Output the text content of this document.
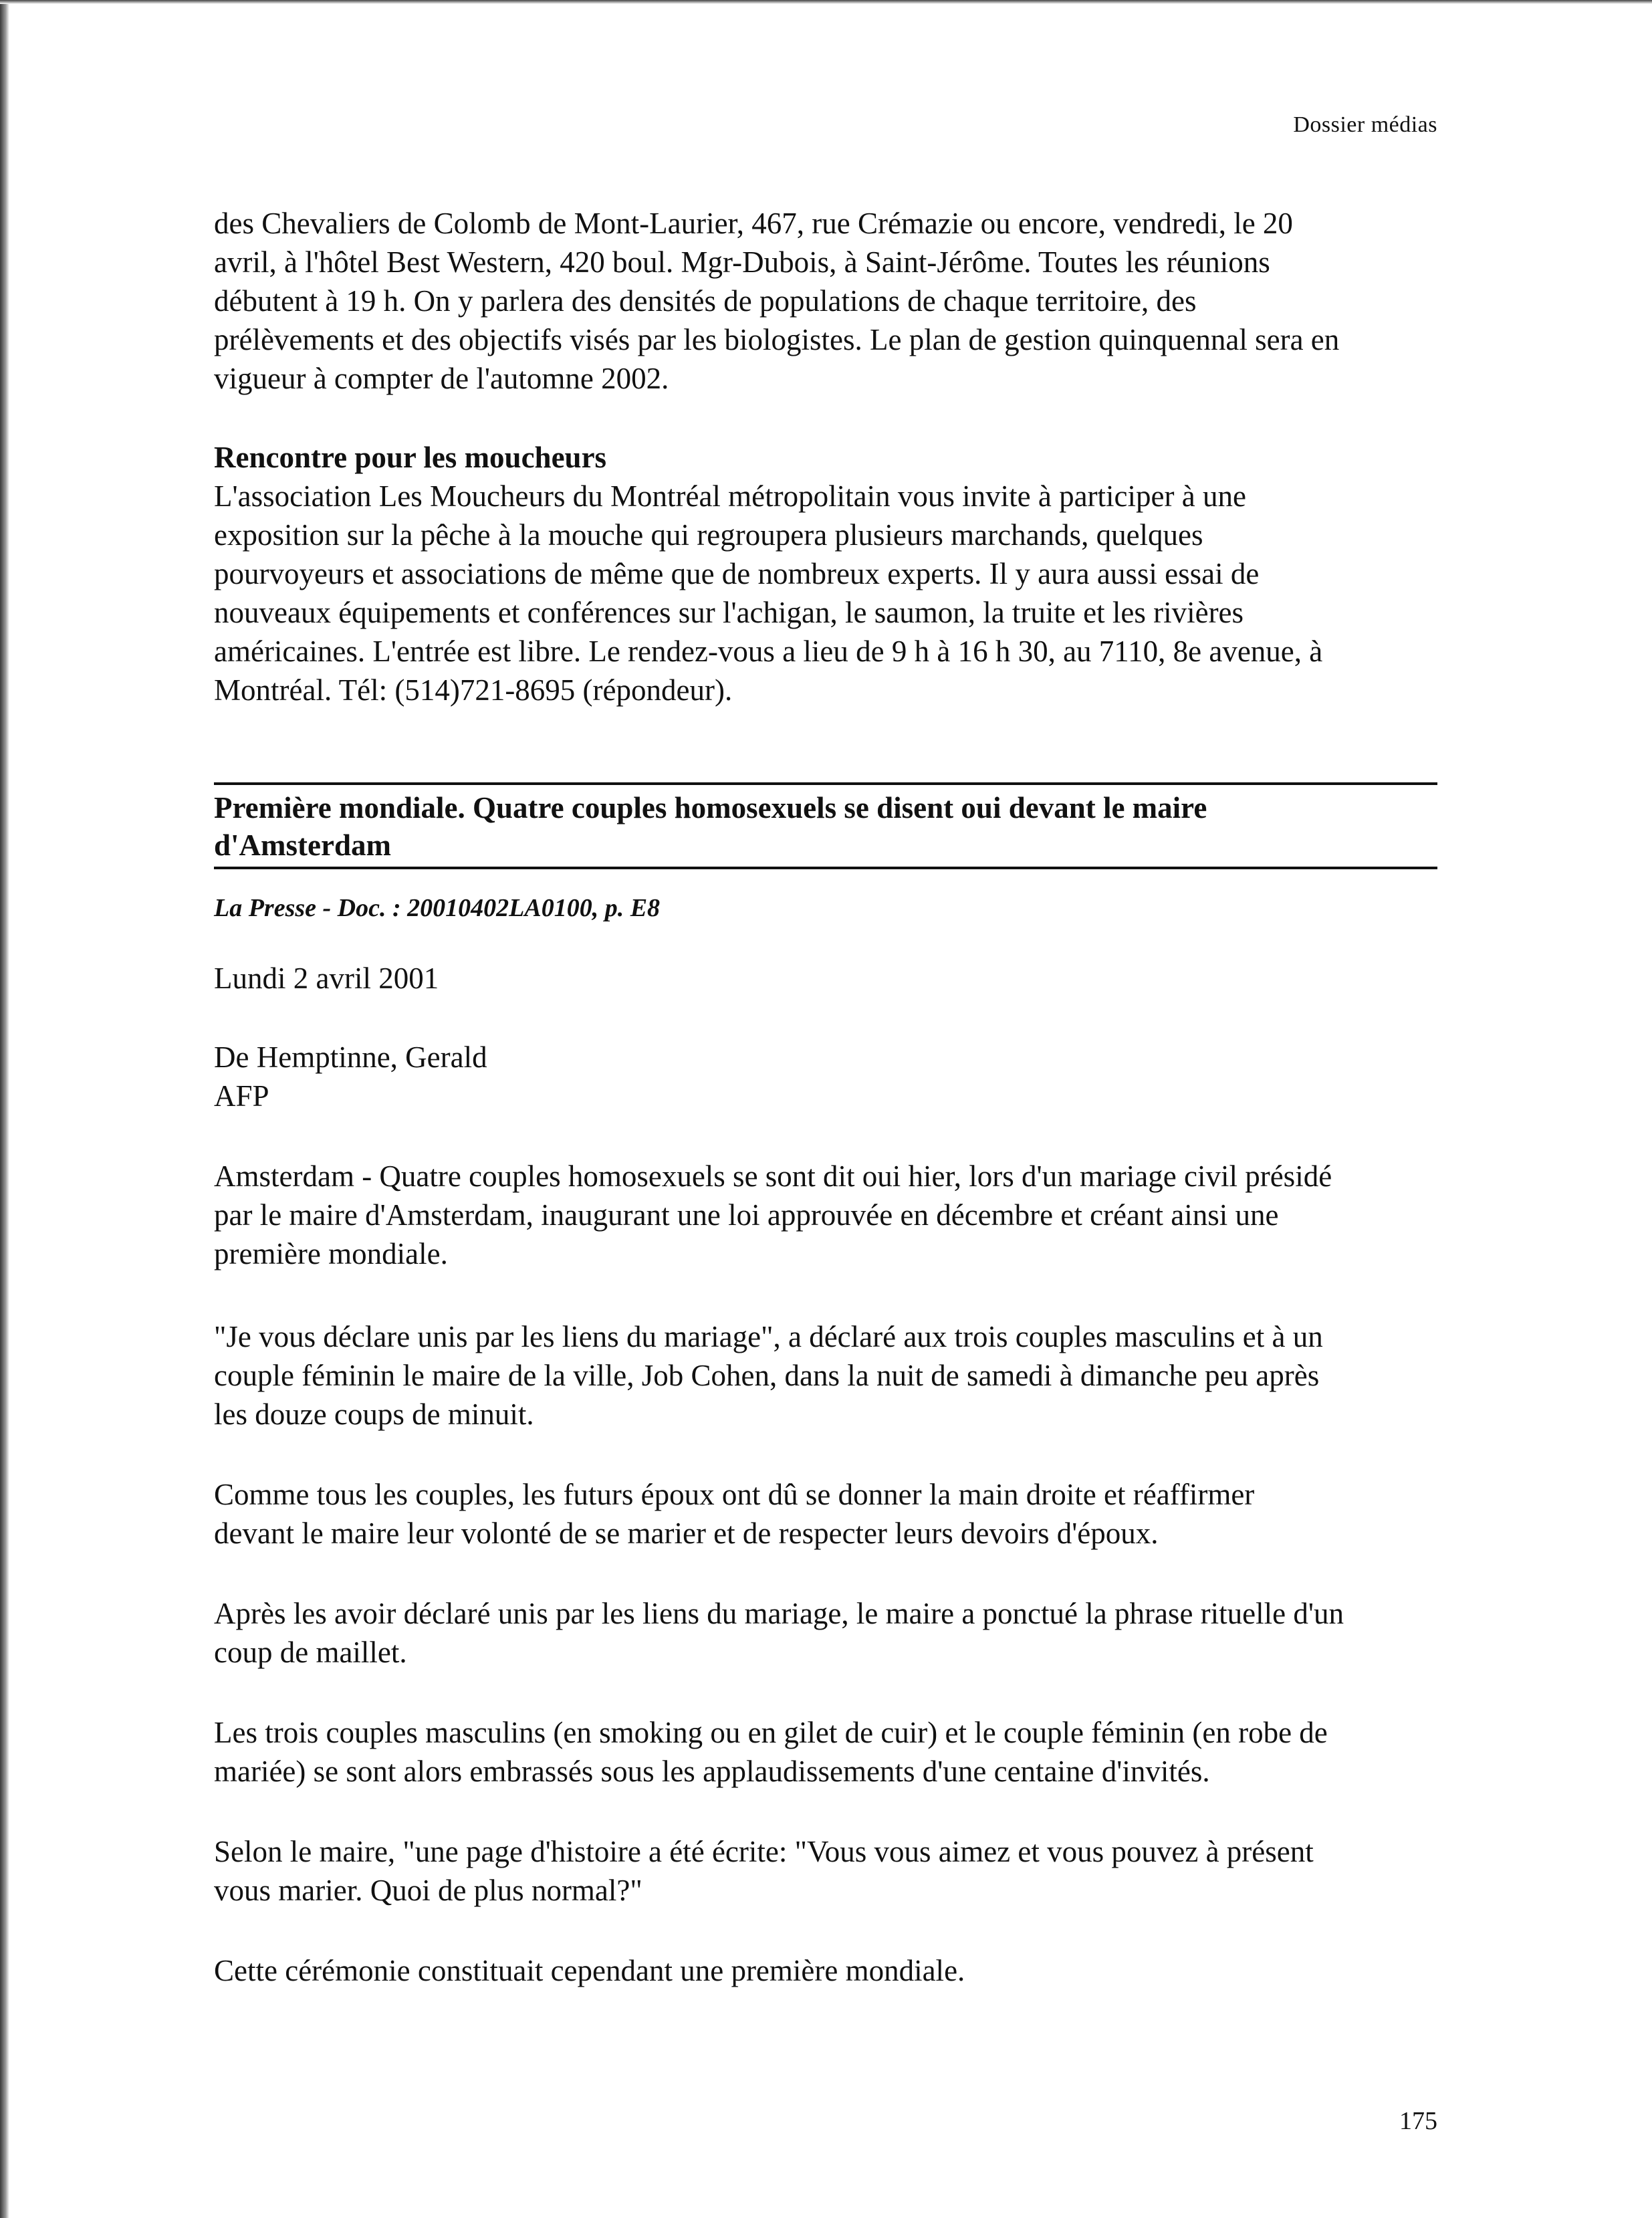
Dossier médias

des Chevaliers de Colomb de Mont-Laurier, 467, rue Crémazie ou encore, vendredi, le 20
avril, à l'hôtel Best Western, 420 boul. Mgr-Dubois, à Saint-Jérôme. Toutes les réunions
débutent à 19 h. On y parlera des densités de populations de chaque territoire, des
prélèvements et des objectifs visés par les biologistes. Le plan de gestion quinquennal sera en
vigueur à compter de l'automne 2002.

Rencontre pour les moucheurs
L'association Les Moucheurs du Montréal métropolitain vous invite à participer à une
exposition sur la pêche à la mouche qui regroupera plusieurs marchands, quelques
pourvoyeurs et associations de même que de nombreux experts. Il y aura aussi essai de
nouveaux équipements et conférences sur l'achigan, le saumon, la truite et les rivières
américaines. L'entrée est libre. Le rendez-vous a lieu de 9 h à 16 h 30, au 7110, 8e avenue, à
Montréal. Tél: (514)721-8695 (répondeur).

Première mondiale. Quatre couples homosexuels se disent oui devant le maire
d'Amsterdam
La Presse - Doc. : 20010402LA0100, p. E8

Lundi 2 avril 2001

De Hemptinne, Gerald
AFP

Amsterdam - Quatre couples homosexuels se sont dit oui hier, lors d'un mariage civil présidé
par le maire d'Amsterdam, inaugurant une loi approuvée en décembre et créant ainsi une
première mondiale.

"Je vous déclare unis par les liens du mariage", a déclaré aux trois couples masculins et à un
couple féminin le maire de la ville, Job Cohen, dans la nuit de samedi à dimanche peu après
les douze coups de minuit.

Comme tous les couples, les futurs époux ont dû se donner la main droite et réaffirmer
devant le maire leur volonté de se marier et de respecter leurs devoirs d'époux.

Après les avoir déclaré unis par les liens du mariage, le maire a ponctué la phrase rituelle d'un
coup de maillet.

Les trois couples masculins (en smoking ou en gilet de cuir) et le couple féminin (en robe de
mariée) se sont alors embrassés sous les applaudissements d'une centaine d'invités.

Selon le maire, "une page d'histoire a été écrite: "Vous vous aimez et vous pouvez à présent
vous marier. Quoi de plus normal?"

Cette cérémonie constituait cependant une première mondiale.

175
